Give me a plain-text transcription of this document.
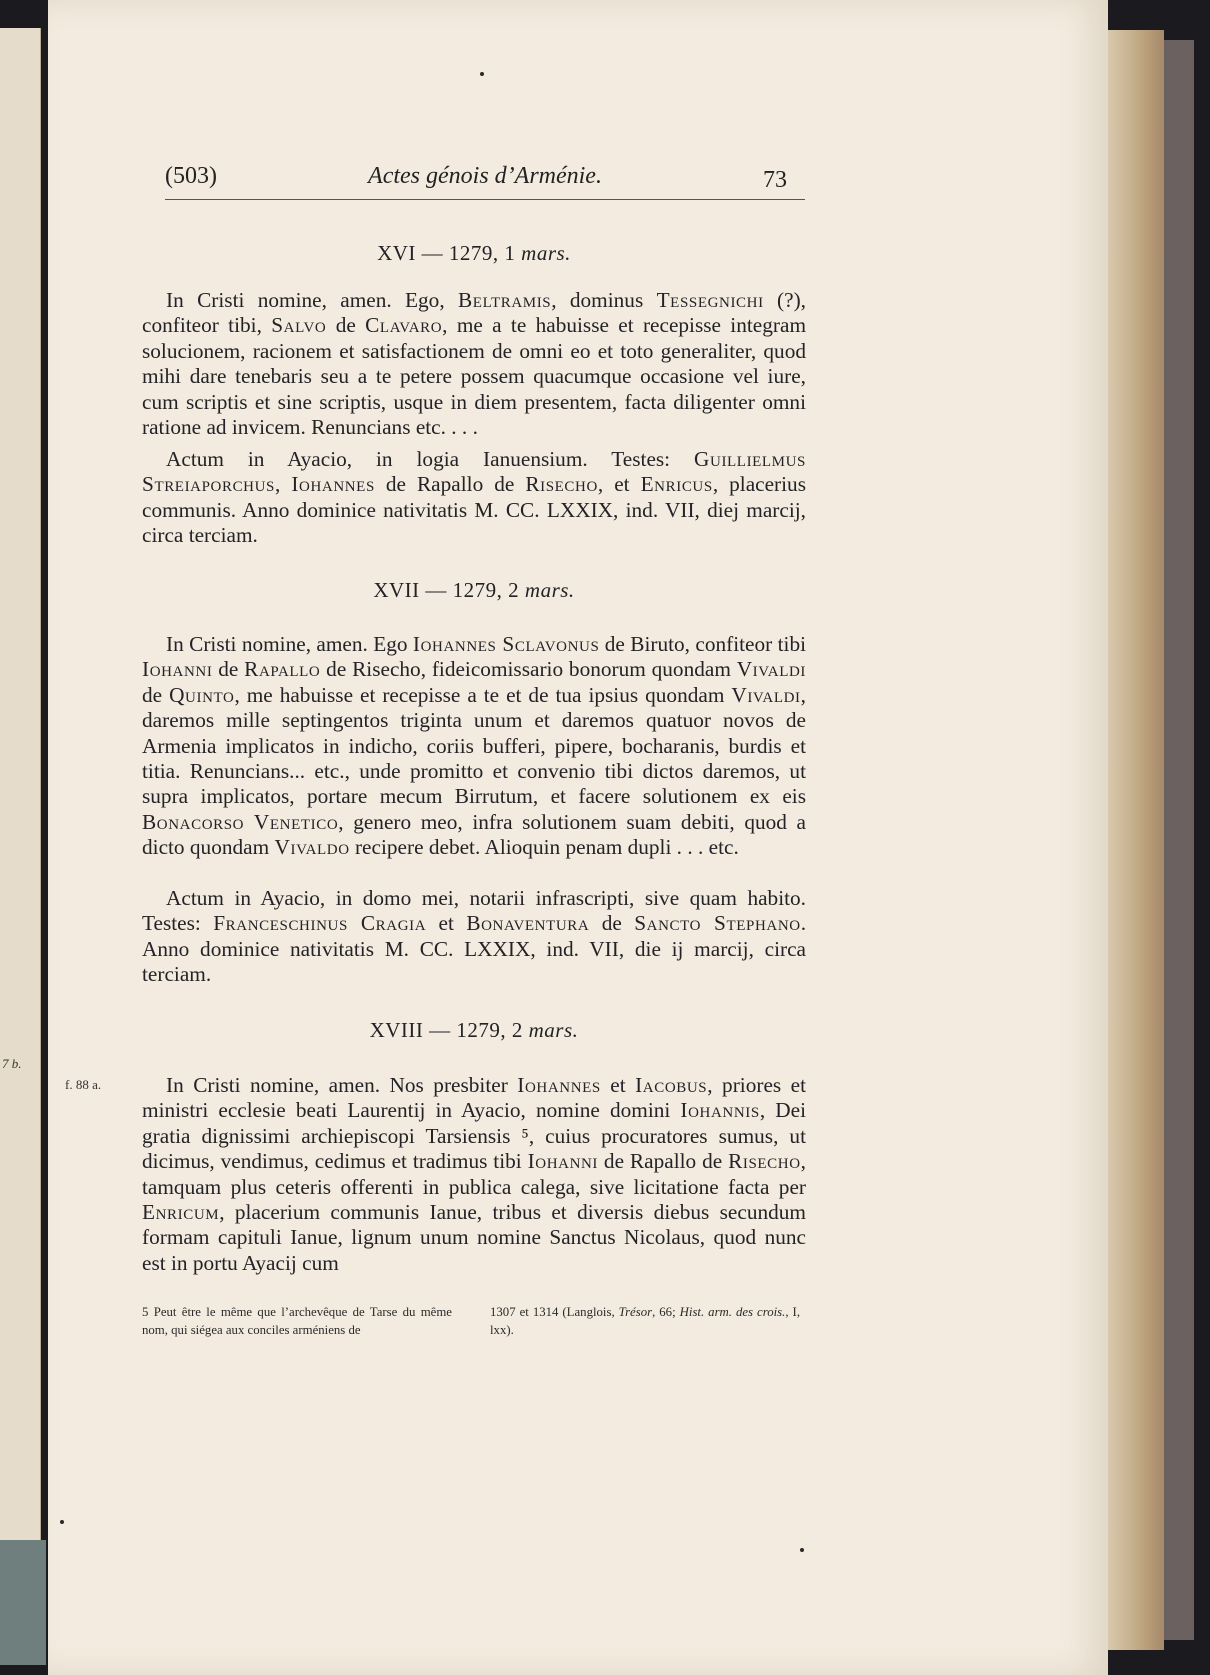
7 b.
(503)	Actes génois d’Arménie.	73
f. 88 a.
XVI — 1279, 1 mars.

In Cristi nomine, amen. Ego, Beltramis, dominus Tessegnichi (?), confiteor tibi, Salvo de Clavaro, me a te habuisse et recepisse integram solucionem, racionem et satisfactionem de omni eo et toto generaliter, quod mihi dare tenebaris seu a te petere possem quacumque occasione vel iure, cum scriptis et sine scriptis, usque in diem presentem, facta diligenter omni ratione ad invicem. Renuncians etc. . . .

Actum in Ayacio, in logia Ianuensium. Testes: Guillielmus Streiaporchus, Iohannes de Rapallo de Risecho, et Enricus, placerius communis. Anno dominice nativitatis M. CC. LXXIX, ind. VII, diej marcij, circa terciam.

XVII — 1279, 2 mars.

In Cristi nomine, amen. Ego Iohannes Sclavonus de Biruto, confiteor tibi Iohanni de Rapallo de Risecho, fideicomissario bonorum quondam Vivaldi de Quinto, me habuisse et recepisse a te et de tua ipsius quondam Vivaldi, daremos mille septingentos triginta unum et daremos quatuor novos de Armenia implicatos in indicho, coriis bufferi, pipere, bocharanis, burdis et titia. Renuncians... etc., unde promitto et convenio tibi dictos daremos, ut supra implicatos, portare mecum Birrutum, et facere solutionem ex eis Bonacorso Venetico, genero meo, infra solutionem suam debiti, quod a dicto quondam Vivaldo recipere debet. Alioquin penam dupli . . . etc.

Actum in Ayacio, in domo mei, notarii infrascripti, sive quam habito. Testes: Franceschinus Cragia et Bonaventura de Sancto Stephano. Anno dominice nativitatis M. CC. LXXIX, ind. VII, die ij marcij, circa terciam.

XVIII — 1279, 2 mars.

In Cristi nomine, amen. Nos presbiter Iohannes et Iacobus, priores et ministri ecclesie beati Laurentij in Ayacio, nomine domini Iohannis, Dei gratia dignissimi archiepiscopi Tarsiensis ⁵, cuius procuratores sumus, ut dicimus, vendimus, cedimus et tradimus tibi Iohanni de Rapallo de Risecho, tamquam plus ceteris offerenti in publica calega, sive licitatione facta per Enricum, placerium communis Ianue, tribus et diversis diebus secundum formam capituli Ianue, lignum unum nomine Sanctus Nicolaus, quod nunc est in portu Ayacij cum

5 Peut être le même que l’archevêque de Tarse du même nom, qui siégea aux conciles arméniens de
1307 et 1314 (Langlois, Trésor, 66; Hist. arm. des crois., I, lxx).
